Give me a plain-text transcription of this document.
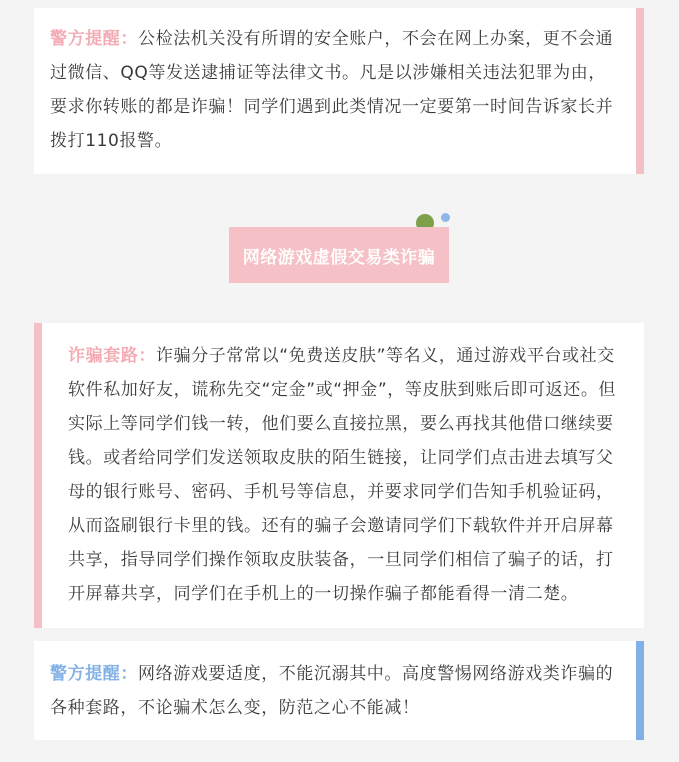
警方提醒：公检法机关没有所谓的安全账户，不会在网上办案，更不会通过微信、QQ等发送逮捕证等法律文书。凡是以涉嫌相关违法犯罪为由，要求你转账的都是诈骗！同学们遇到此类情况一定要第一时间告诉家长并拨打110报警。

网络游戏虚假交易类诈骗

诈骗套路：诈骗分子常常以“免费送皮肤”等名义，通过游戏平台或社交软件私加好友，谎称先交“定金”或“押金”，等皮肤到账后即可返还。但实际上等同学们钱一转，他们要么直接拉黑，要么再找其他借口继续要钱。或者给同学们发送领取皮肤的陌生链接，让同学们点击进去填写父母的银行账号、密码、手机号等信息，并要求同学们告知手机验证码，从而盗刷银行卡里的钱。还有的骗子会邀请同学们下载软件并开启屏幕共享，指导同学们操作领取皮肤装备，一旦同学们相信了骗子的话，打开屏幕共享，同学们在手机上的一切操作骗子都能看得一清二楚。

警方提醒：网络游戏要适度，不能沉溺其中。高度警惕网络游戏类诈骗的各种套路，不论骗术怎么变，防范之心不能减！
